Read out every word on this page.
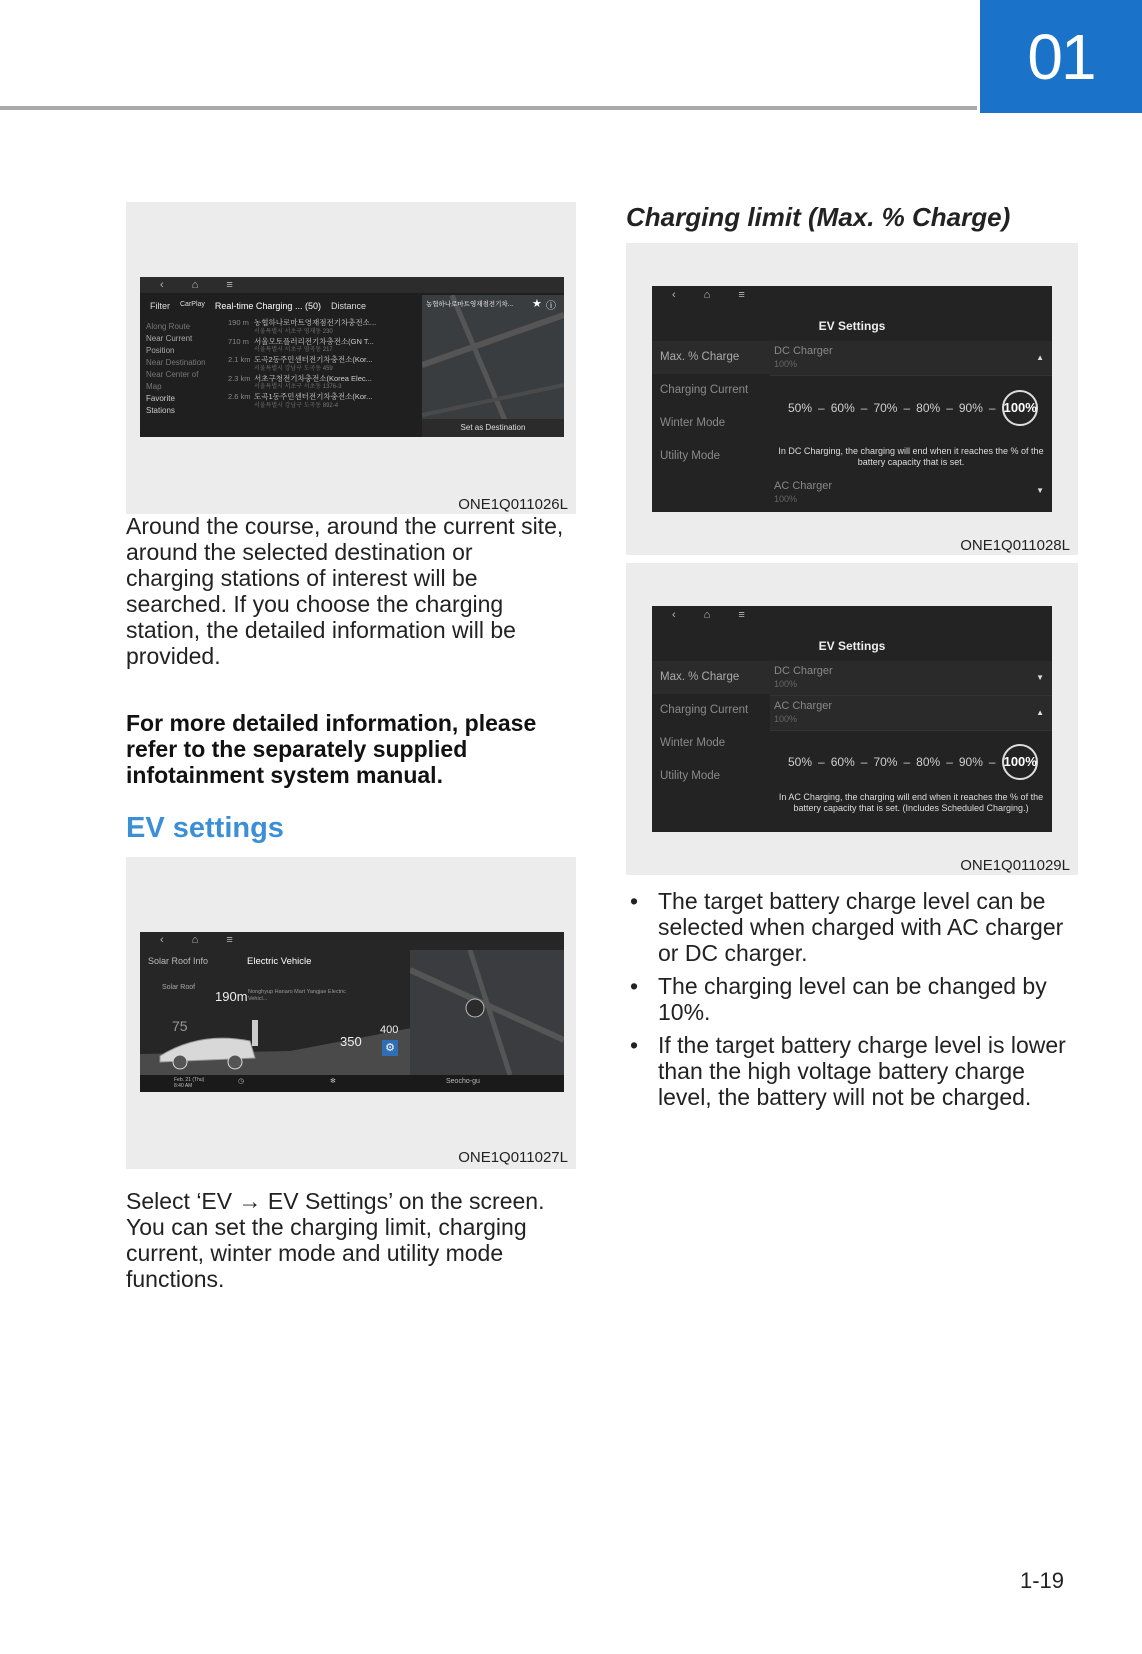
01
‹	⌂	≡
Filter CarPlay Real-time Charging ... (50) Distance
Along Route
Near Current Position
Near Destination
Near Center of Map
Favorite Stations
190 m 농협하나로마트영재점전기차충전소...
서울특별시 서초구 영재동 230
710 m 서울모토플러리전기차충전소(GN T...
서울특별시 서초구 염곡동 217
2.1 km 도곡2동주민센터전기차충전소(Kor...
서울특별시 강남구 도곡동 459
2.3 km 서초구청전기차충전소(Korea Elec...
서울특별시 서초구 서초동 1376-3
2.6 km 도곡1동주민센터전기차충전소(Kor...
서울특별시 강남구 도곡동 892-4
농협하나로마트영재점전기차...	★ ⓘ
Set as Destination
ONE1Q011026L

Around the course, around the current site, around the selected destination or charging stations of interest will be searched. If you choose the charging station, the detailed information will be provided.

For more detailed information, please refer to the separately supplied infotainment system manual.

EV settings
‹	⌂	≡
Solar Roof Info	Electric Vehicle
Solar Roof
190m Nonghyup Hanaro Mart Yangjae Electric Vehicl...
75
350
400
⚙
Feb. 21 (Thu) 8:40 AM
◷	✻	Seocho-gu
ONE1Q011027L

Select ‘EV → EV Settings’ on the screen. You can set the charging limit, charging current, winter mode and utility mode functions.

Charging limit (Max. % Charge)
‹	⌂	≡
EV Settings
Max. % Charge
Charging Current
Winter Mode
Utility Mode
DC Charger
100%
▲
50% – 60% – 70% – 80% – 90% – 100%
In DC Charging, the charging will end when it reaches the % of the battery capacity that is set.
AC Charger
100%
▼
ONE1Q011028L
‹	⌂	≡
EV Settings
Max. % Charge
Charging Current
Winter Mode
Utility Mode
DC Charger
100%
▼
AC Charger
100%
▲
50% – 60% – 70% – 80% – 90% – 100%
In AC Charging, the charging will end when it reaches the % of the battery capacity that is set. (Includes Scheduled Charging.)
ONE1Q011029L
• The target battery charge level can be selected when charged with AC charger or DC charger.
• The charging level can be changed by 10%.
• If the target battery charge level is lower than the high voltage battery charge level, the battery will not be charged.
1-19
